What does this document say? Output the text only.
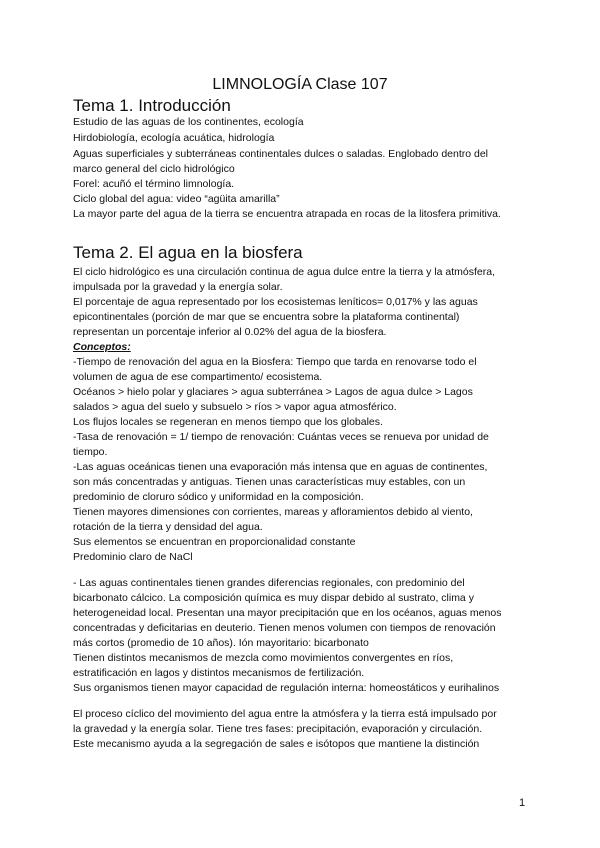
LIMNOLOGÍA Clase 107
Tema 1. Introducción

Estudio de las aguas de los continentes, ecología

Hirdobiología, ecología acuática, hidrología

Aguas superficiales y subterráneas continentales dulces o saladas. Englobado dentro del

marco general del ciclo hidrológico

Forel: acuñó el término limnología.

Ciclo global del agua: video “agüita amarilla”

La mayor parte del agua de la tierra se encuentra atrapada en rocas de la litosfera primitiva.

Tema 2. El agua en la biosfera

El ciclo hidrológico es una circulación continua de agua dulce entre la tierra y la atmósfera,

impulsada por la gravedad y la energía solar.

El porcentaje de agua representado por los ecosistemas leníticos= 0,017% y las aguas

epicontinentales (porción de mar que se encuentra sobre la plataforma continental)

representan un porcentaje inferior al 0.02% del agua de la biosfera.

Conceptos:

-Tiempo de renovación del agua en la Biosfera: Tiempo que tarda en renovarse todo el

volumen de agua de ese compartimento/ ecosistema.

Océanos > hielo polar y glaciares > agua subterránea > Lagos de agua dulce > Lagos

salados > agua del suelo y subsuelo > ríos > vapor agua atmosférico.

Los flujos locales se regeneran en menos tiempo que los globales.

-Tasa de renovación = 1/ tiempo de renovación: Cuántas veces se renueva por unidad de

tiempo.

-Las aguas oceánicas tienen una evaporación más intensa que en aguas de continentes,

son más concentradas y antiguas. Tienen unas características muy estables, con un

predominio de cloruro sódico y uniformidad en la composición.

Tienen mayores dimensiones con corrientes, mareas y afloramientos debido al viento,

rotación de la tierra y densidad del agua.

Sus elementos se encuentran en proporcionalidad constante

Predominio claro de NaCl

- Las aguas continentales tienen grandes diferencias regionales, con predominio del

bicarbonato cálcico. La composición química es muy dispar debido al sustrato, clima y

heterogeneidad local. Presentan una mayor precipitación que en los océanos, aguas menos

concentradas y deficitarias en deuterio. Tienen menos volumen con tiempos de renovación

más cortos (promedio de 10 años). Ión mayoritario: bicarbonato

Tienen distintos mecanismos de mezcla como movimientos convergentes en ríos,

estratificación en lagos y distintos mecanismos de fertilización.

Sus organismos tienen mayor capacidad de regulación interna: homeostáticos y eurihalinos

El proceso cíclico del movimiento del agua entre la atmósfera y la tierra está impulsado por

la gravedad y la energía solar. Tiene tres fases: precipitación, evaporación y circulación.

Este mecanismo ayuda a la segregación de sales e isótopos que mantiene la distinción

1
